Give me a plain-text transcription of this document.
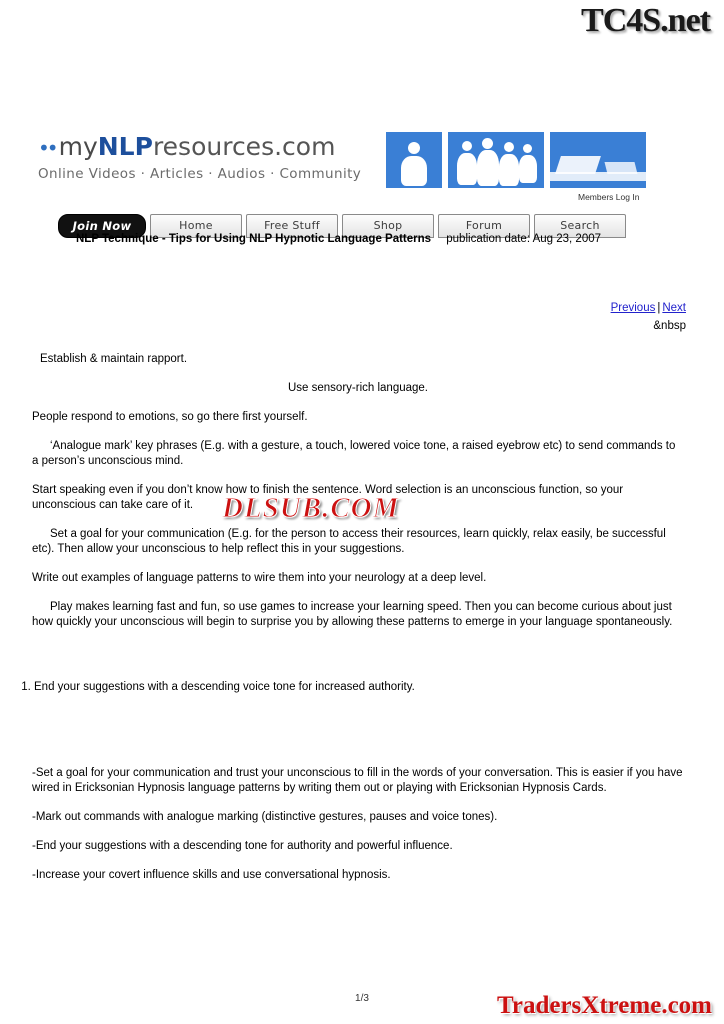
TC4S.net
•• myNLPresources.com
Online Videos · Articles · Audios · Community
Members Log In
Join Now	Home	Free Stuff	Shop	Forum	Search
NLP Technique - Tips for Using NLP Hypnotic Language Patterns publication date: Aug 23, 2007
Previous | Next
&nbsp

Establish & maintain rapport.

Use sensory-rich language.

People respond to emotions, so go there first yourself.

‘Analogue mark’ key phrases (E.g. with a gesture, a touch, lowered voice tone, a raised eyebrow etc) to send commands to a person’s unconscious mind.

Start speaking even if you don’t know how to finish the sentence. Word selection is an unconscious function, so your unconscious can take care of it.

Set a goal for your communication (E.g. for the person to access their resources, learn quickly, relax easily, be successful etc). Then allow your unconscious to help reflect this in your suggestions.

Write out examples of language patterns to wire them into your neurology at a deep level.

Play makes learning fast and fun, so use games to increase your learning speed. Then you can become curious about just how quickly your unconscious will begin to surprise you by allowing these patterns to emerge in your language spontaneously.

1. End your suggestions with a descending voice tone for increased authority.

-Set a goal for your communication and trust your unconscious to fill in the words of your conversation. This is easier if you have wired in Ericksonian Hypnosis language patterns by writing them out or playing with Ericksonian Hypnosis Cards.

-Mark out commands with analogue marking (distinctive gestures, pauses and voice tones).

-End your suggestions with a descending tone for authority and powerful influence.

-Increase your covert influence skills and use conversational hypnosis.

DLSUB.COM
1/3	TradersXtreme.com
